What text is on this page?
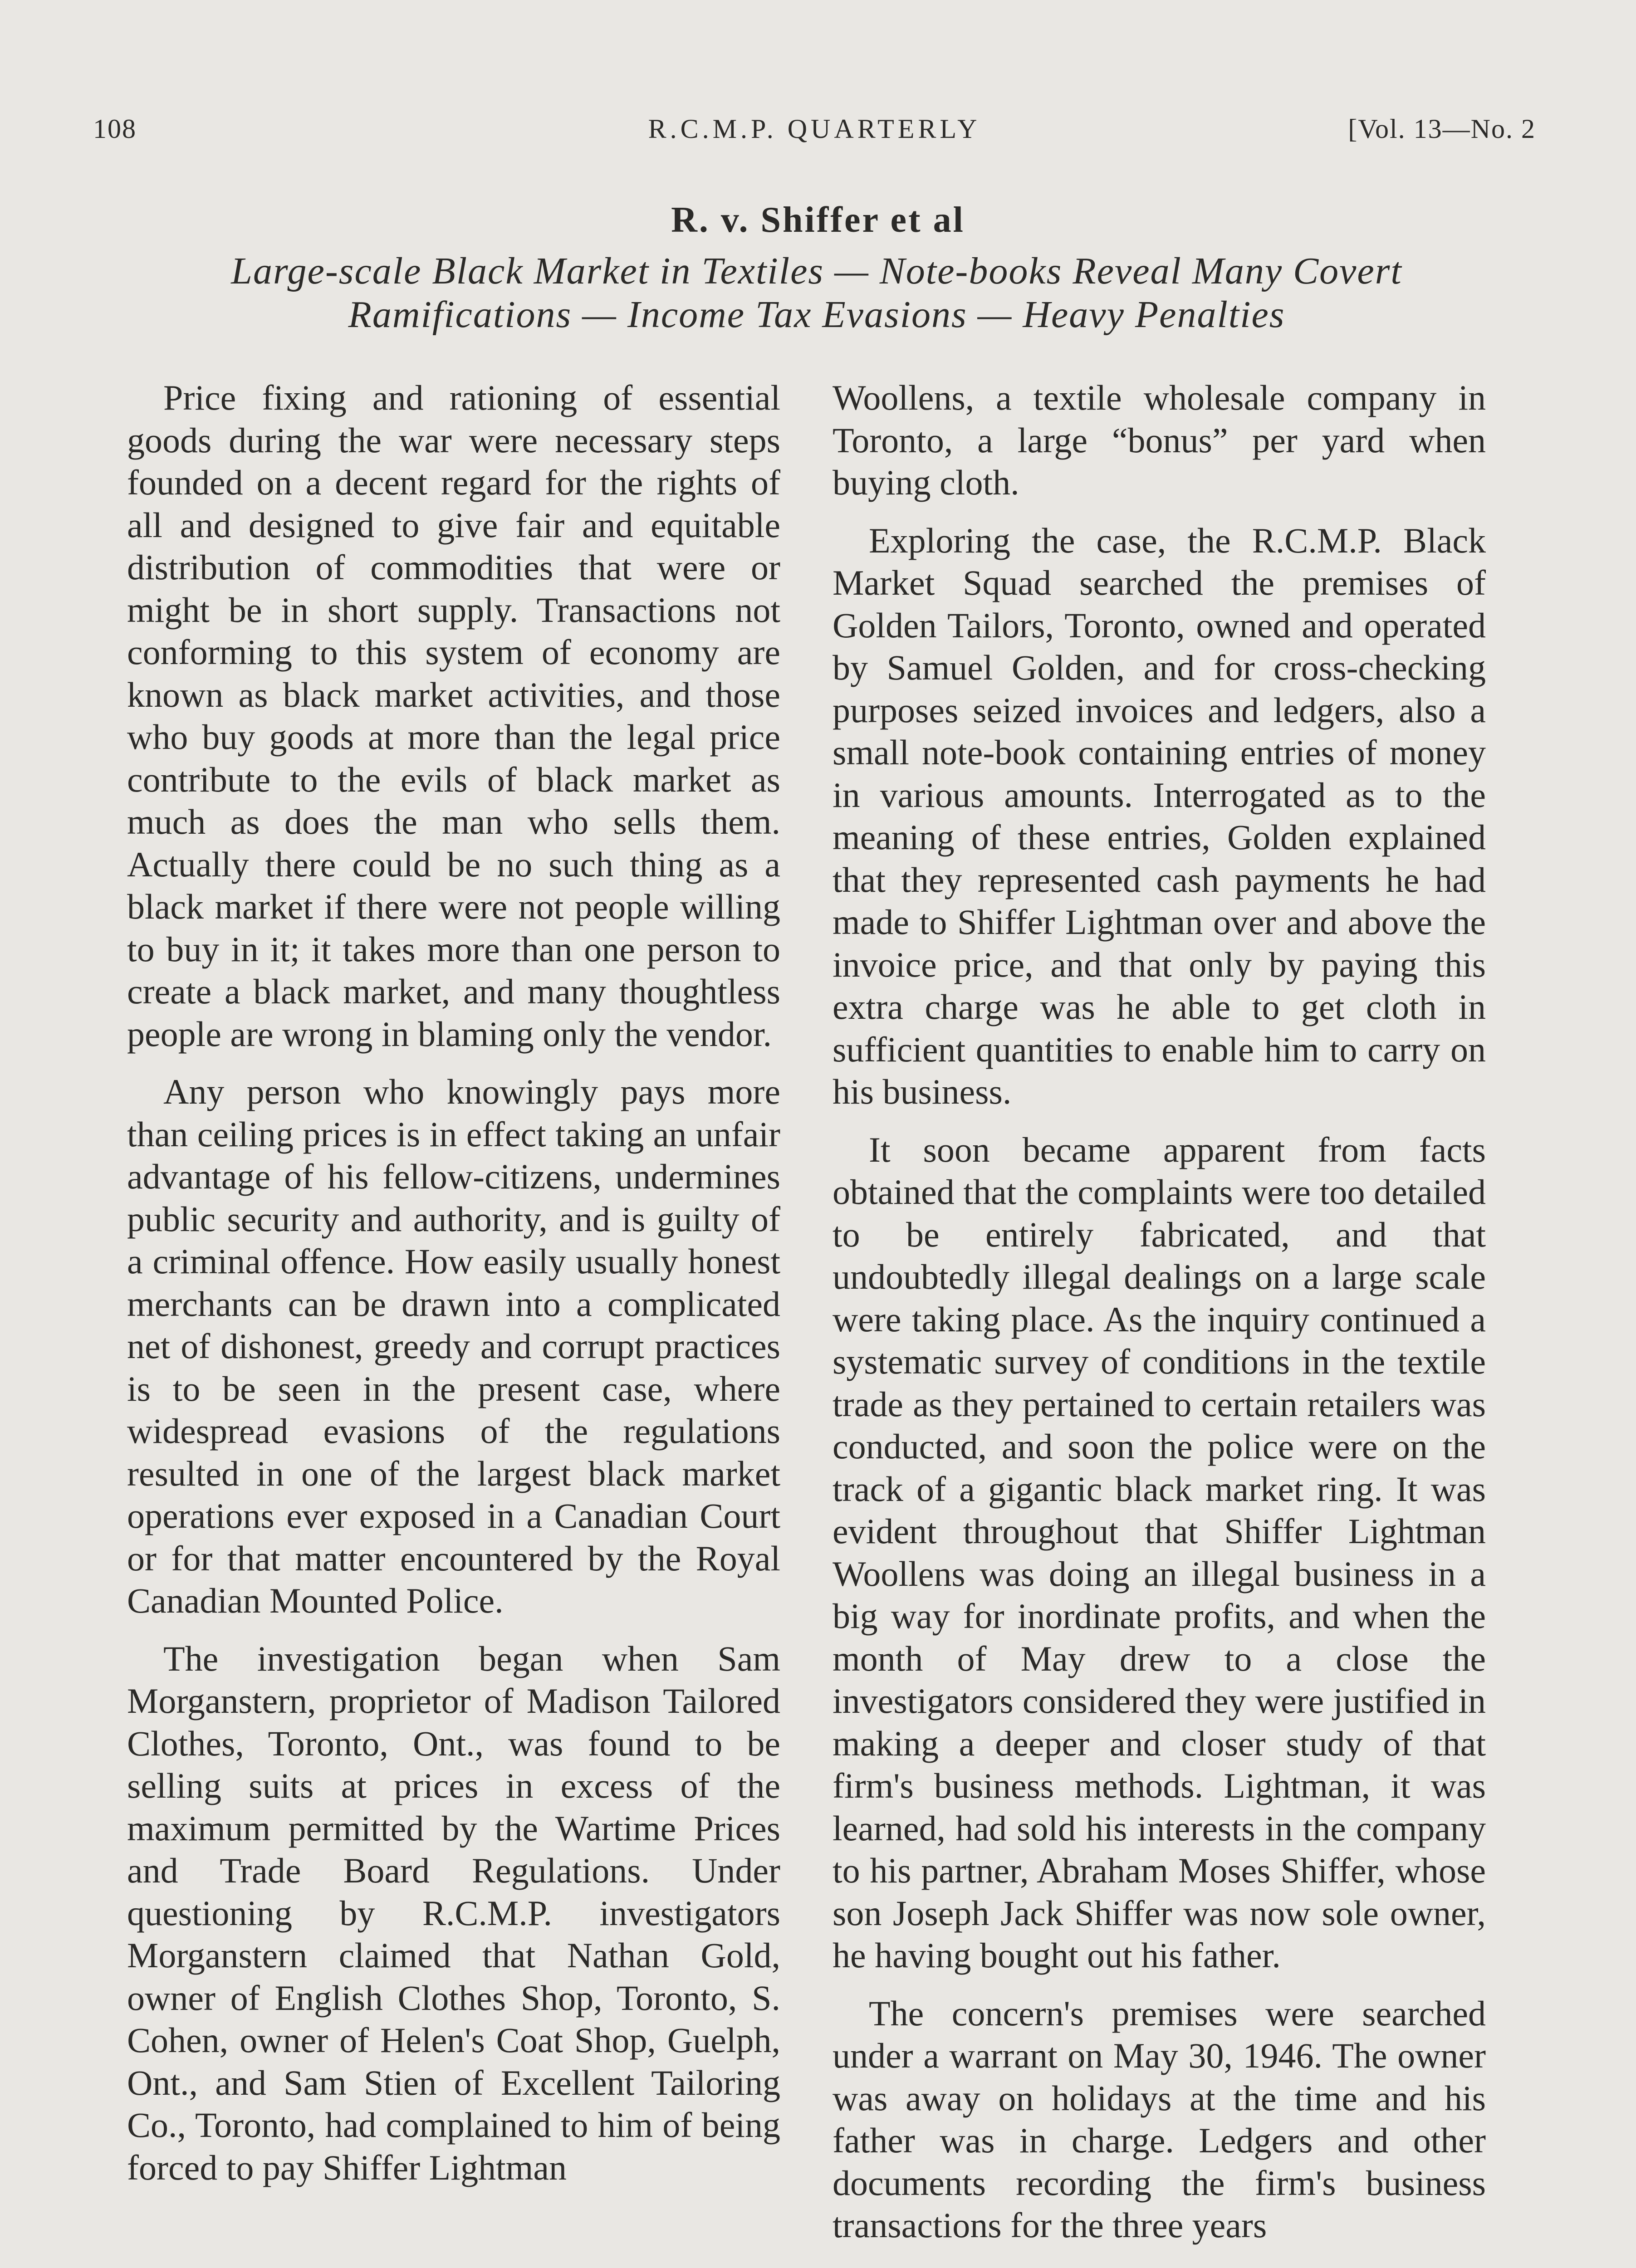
108	R.C.M.P. QUARTERLY	[Vol. 13—No. 2
R. v. Shiffer et al
Large-scale Black Market in Textiles — Note-books Reveal Many Covert
Ramifications — Income Tax Evasions — Heavy Penalties

Price fixing and rationing of essential goods during the war were necessary steps founded on a decent regard for the rights of all and designed to give fair and equitable distribution of commodities that were or might be in short supply. Transactions not conforming to this system of economy are known as black market activities, and those who buy goods at more than the legal price contribute to the evils of black market as much as does the man who sells them. Actually there could be no such thing as a black market if there were not people willing to buy in it; it takes more than one person to create a black market, and many thoughtless people are wrong in blaming only the vendor.

Any person who knowingly pays more than ceiling prices is in effect taking an unfair advantage of his fellow-citizens, undermines public security and authority, and is guilty of a criminal offence. How easily usually honest merchants can be drawn into a complicated net of dishonest, greedy and corrupt practices is to be seen in the present case, where widespread evasions of the regulations resulted in one of the largest black market operations ever exposed in a Canadian Court or for that matter encountered by the Royal Canadian Mounted Police.

The investigation began when Sam Morganstern, proprietor of Madison Tailored Clothes, Toronto, Ont., was found to be selling suits at prices in excess of the maximum permitted by the Wartime Prices and Trade Board Regulations. Under questioning by R.C.M.P. investigators Morganstern claimed that Nathan Gold, owner of English Clothes Shop, Toronto, S. Cohen, owner of Helen's Coat Shop, Guelph, Ont., and Sam Stien of Excellent Tailoring Co., Toronto, had complained to him of being forced to pay Shiffer Lightman

Woollens, a textile wholesale company in Toronto, a large “bonus” per yard when buying cloth.

Exploring the case, the R.C.M.P. Black Market Squad searched the premises of Golden Tailors, Toronto, owned and operated by Samuel Golden, and for cross-checking purposes seized invoices and ledgers, also a small note-book containing entries of money in various amounts. Interrogated as to the meaning of these entries, Golden explained that they represented cash payments he had made to Shiffer Lightman over and above the invoice price, and that only by paying this extra charge was he able to get cloth in sufficient quantities to enable him to carry on his business.

It soon became apparent from facts obtained that the complaints were too detailed to be entirely fabricated, and that undoubtedly illegal dealings on a large scale were taking place. As the inquiry continued a systematic survey of conditions in the textile trade as they pertained to certain retailers was conducted, and soon the police were on the track of a gigantic black market ring. It was evident throughout that Shiffer Lightman Woollens was doing an illegal business in a big way for inordinate profits, and when the month of May drew to a close the investigators considered they were justified in making a deeper and closer study of that firm's business methods. Lightman, it was learned, had sold his interests in the company to his partner, Abraham Moses Shiffer, whose son Joseph Jack Shiffer was now sole owner, he having bought out his father.

The concern's premises were searched under a warrant on May 30, 1946. The owner was away on holidays at the time and his father was in charge. Ledgers and other documents recording the firm's business transactions for the three years
